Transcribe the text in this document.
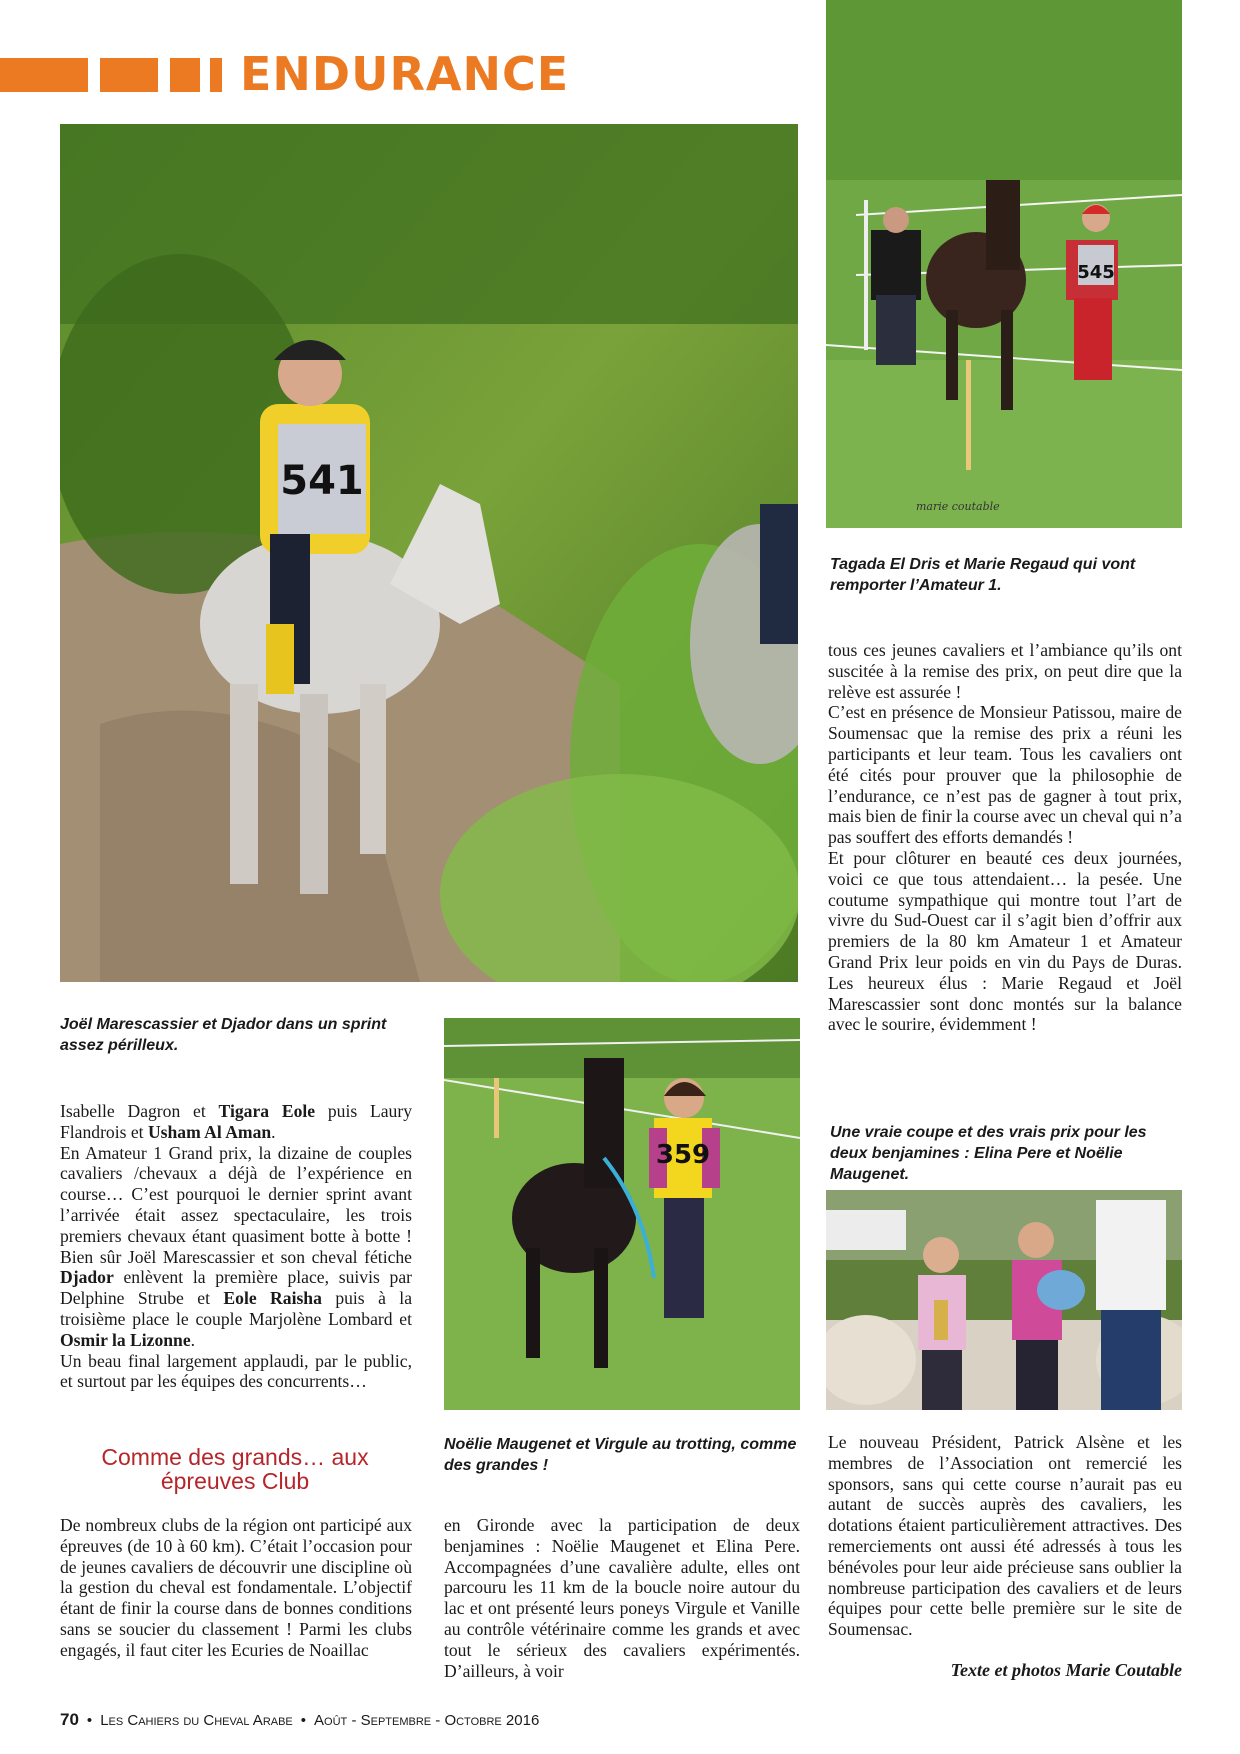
ENDURANCE
541
545
marie coutable
Tagada El Dris et Marie Regaud qui vont remporter l’Amateur 1.
Joël Marescassier et Djador dans un sprint assez périlleux.
359
Une vraie coupe et des vrais prix pour les deux benjamines : Elina Pere et Noëlie Maugenet.

Isabelle Dagron et Tigara Eole puis Laury Flandrois et Usham Al Aman.

En Amateur 1 Grand prix, la dizaine de couples cavaliers /chevaux a déjà de l’expérience en course… C’est pourquoi le dernier sprint avant l’arrivée était assez spectaculaire, les trois premiers chevaux étant quasiment botte à botte ! Bien sûr Joël Marescassier et son cheval fétiche Djador enlèvent la première place, suivis par Delphine Strube et Eole Raisha puis à la troisième place le couple Marjolène Lombard et Osmir la Lizonne.

Un beau final largement applaudi, par le public, et surtout par les équipes des concurrents…

Comme des grands… aux épreuves Club

De nombreux clubs de la région ont participé aux épreuves (de 10 à 60 km). C’était l’occasion pour de jeunes cavaliers de découvrir une discipline où la gestion du cheval est fondamentale. L’objectif étant de finir la course dans de bonnes conditions sans se soucier du classement ! Parmi les clubs engagés, il faut citer les Ecuries de Noaillac

Noëlie Maugenet et Virgule au trotting, comme des grandes !

en Gironde avec la participation de deux benjamines : Noëlie Maugenet et Elina Pere. Accompagnées d’une cavalière adulte, elles ont parcouru les 11 km de la boucle noire autour du lac et ont présenté leurs poneys Virgule et Vanille au contrôle vétérinaire comme les grands et avec tout le sérieux des cavaliers expérimentés. D’ailleurs, à voir

tous ces jeunes cavaliers et l’ambiance qu’ils ont suscitée à la remise des prix, on peut dire que la relève est assurée !

C’est en présence de Monsieur Patissou, maire de Soumensac que la remise des prix a réuni les participants et leur team. Tous les cavaliers ont été cités pour prouver que la philosophie de l’endurance, ce n’est pas de gagner à tout prix, mais bien de finir la course avec un cheval qui n’a pas souffert des efforts demandés !

Et pour clôturer en beauté ces deux journées, voici ce que tous attendaient… la pesée. Une coutume sympathique qui montre tout l’art de vivre du Sud-Ouest car il s’agit bien d’offrir aux premiers de la 80 km Amateur 1 et Amateur Grand Prix leur poids en vin du Pays de Duras. Les heureux élus : Marie Regaud et Joël Marescassier sont donc montés sur la balance avec le sourire, évidemment !

Le nouveau Président, Patrick Alsène et les membres de l’Association ont remercié les sponsors, sans qui cette course n’aurait pas eu autant de succès auprès des cavaliers, les dotations étaient particulièrement attractives. Des remerciements ont aussi été adressés à tous les bénévoles pour leur aide précieuse sans oublier la nombreuse participation des cavaliers et de leurs équipes pour cette belle première sur le site de Soumensac.

Texte et photos Marie Coutable
70 • Les Cahiers du Cheval Arabe • Août - Septembre - Octobre 2016
